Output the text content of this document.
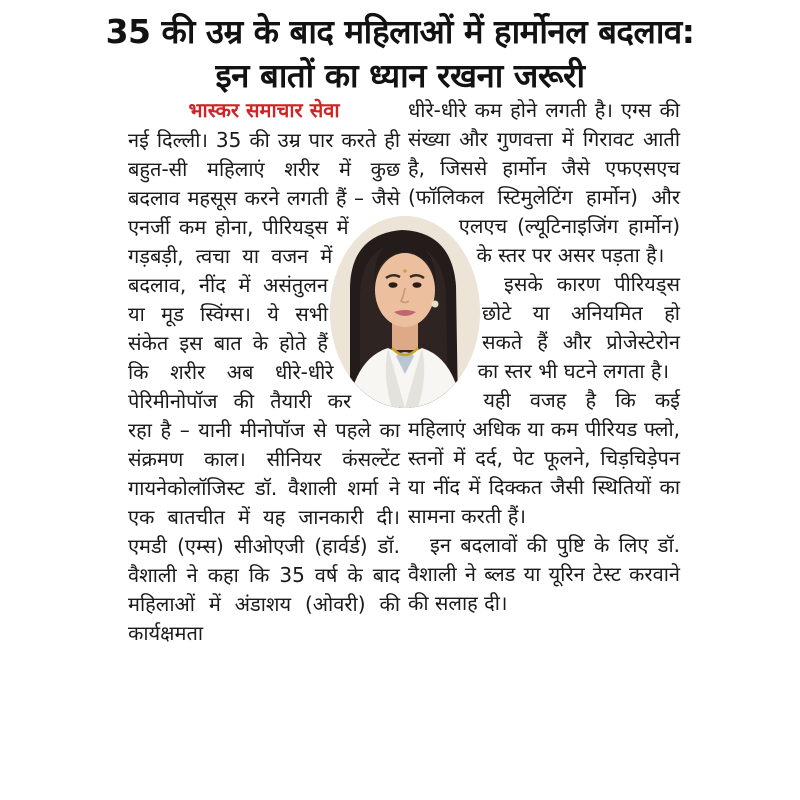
35 की उम्र के बाद महिलाओं में हार्मोनल बदलाव:
इन बातों का ध्यान रखना जरूरी
भास्कर समाचार सेवा

नई दिल्ली। 35 की उम्र पार करते ही बहुत-सी महिलाएं शरीर में कुछ बदलाव महसूस करने लगती हैं – जैसे एनर्जी कम होना, पीरियड्स में गड़बड़ी, त्वचा या वजन में बदलाव, नींद में असंतुलन या मूड स्विंग्स। ये सभी संकेत इस बात के होते हैं कि शरीर अब धीरे-धीरे पेरिमीनोपॉज की तैयारी कर रहा है – यानी मीनोपॉज से पहले का संक्रमण काल। सीनियर कंसल्टेंट गायनेकोलॉजिस्ट डॉ. वैशाली शर्मा ने एक बातचीत में यह जानकारी दी। एमडी (एम्स) सीओएजी (हार्वर्ड) डॉ. वैशाली ने कहा कि 35 वर्ष के बाद महिलाओं में अंडाशय (ओवरी) की कार्यक्षमता

धीरे-धीरे कम होने लगती है। एग्स की संख्या और गुणवत्ता में गिरावट आती है, जिससे हार्मोन जैसे एफएसएच (फॉलिकल स्टिमुलेटिंग हार्मोन) और एलएच (ल्यूटिनाइजिंग हार्मोन) के स्तर पर असर पड़ता है।

इसके कारण पीरियड्स छोटे या अनियमित हो सकते हैं और प्रोजेस्टेरोन का स्तर भी घटने लगता है।

यही वजह है कि कई महिलाएं अधिक या कम पीरियड फ्लो, स्तनों में दर्द, पेट फूलने, चिड़चिड़ेपन या नींद में दिक्कत जैसी स्थितियों का सामना करती हैं।

इन बदलावों की पुष्टि के लिए डॉ. वैशाली ने ब्लड या यूरिन टेस्ट करवाने की सलाह दी।
